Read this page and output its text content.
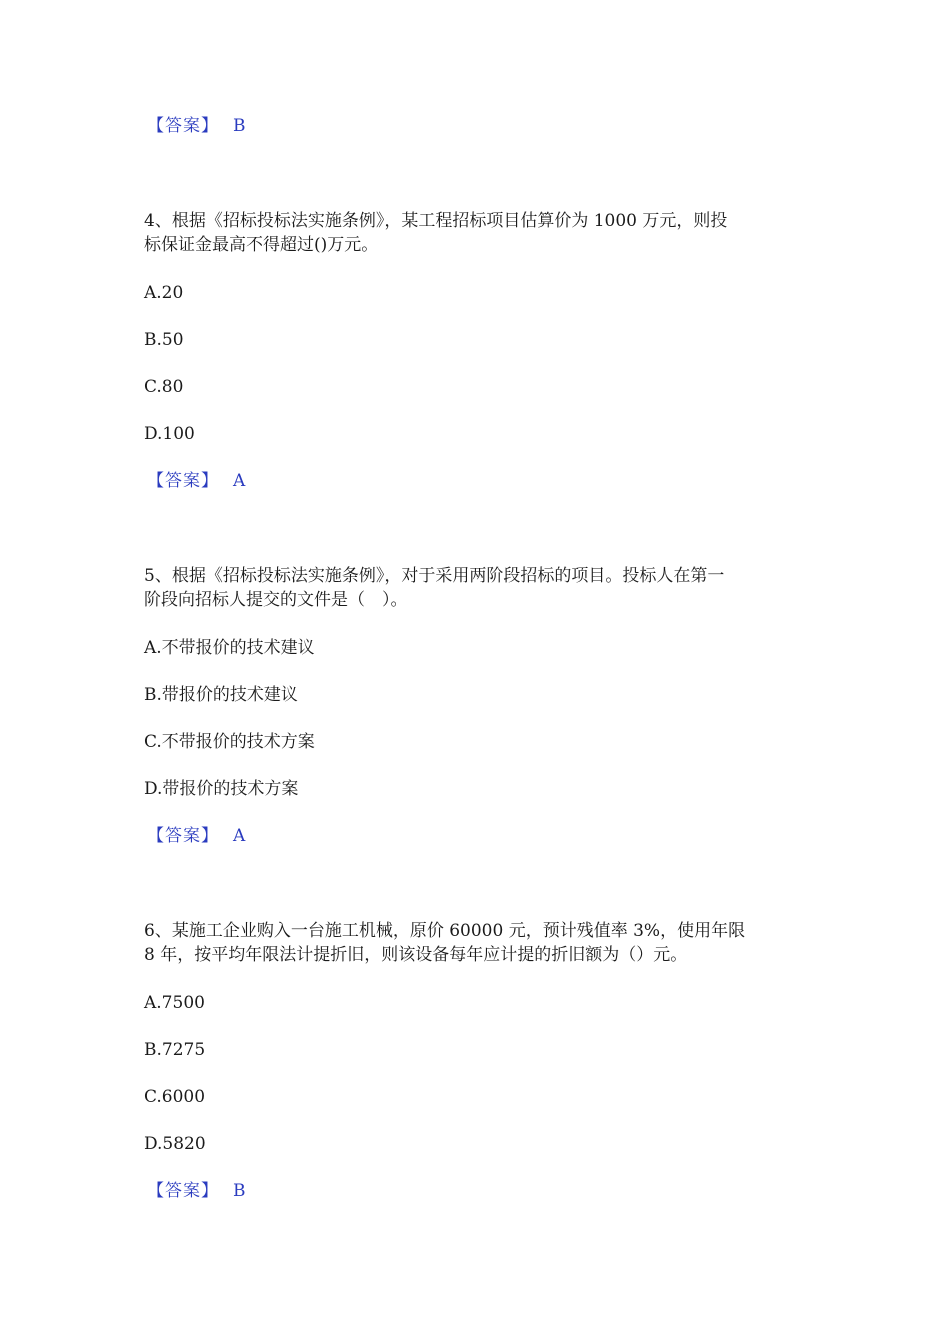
【答案】 B
4、根据《招标投标法实施条例》，某工程招标项目估算价为 1000 万元，则投
标保证金最高不得超过()万元。
A.20
B.50
C.80
D.100
【答案】 A
5、根据《招标投标法实施条例》，对于采用两阶段招标的项目。投标人在第一
阶段向招标人提交的文件是（　）。
A.不带报价的技术建议
B.带报价的技术建议
C.不带报价的技术方案
D.带报价的技术方案
【答案】 A
6、某施工企业购入一台施工机械，原价 60000 元，预计残值率 3%，使用年限
8 年，按平均年限法计提折旧，则该设备每年应计提的折旧额为（）元。
A.7500
B.7275
C.6000
D.5820
【答案】 B
